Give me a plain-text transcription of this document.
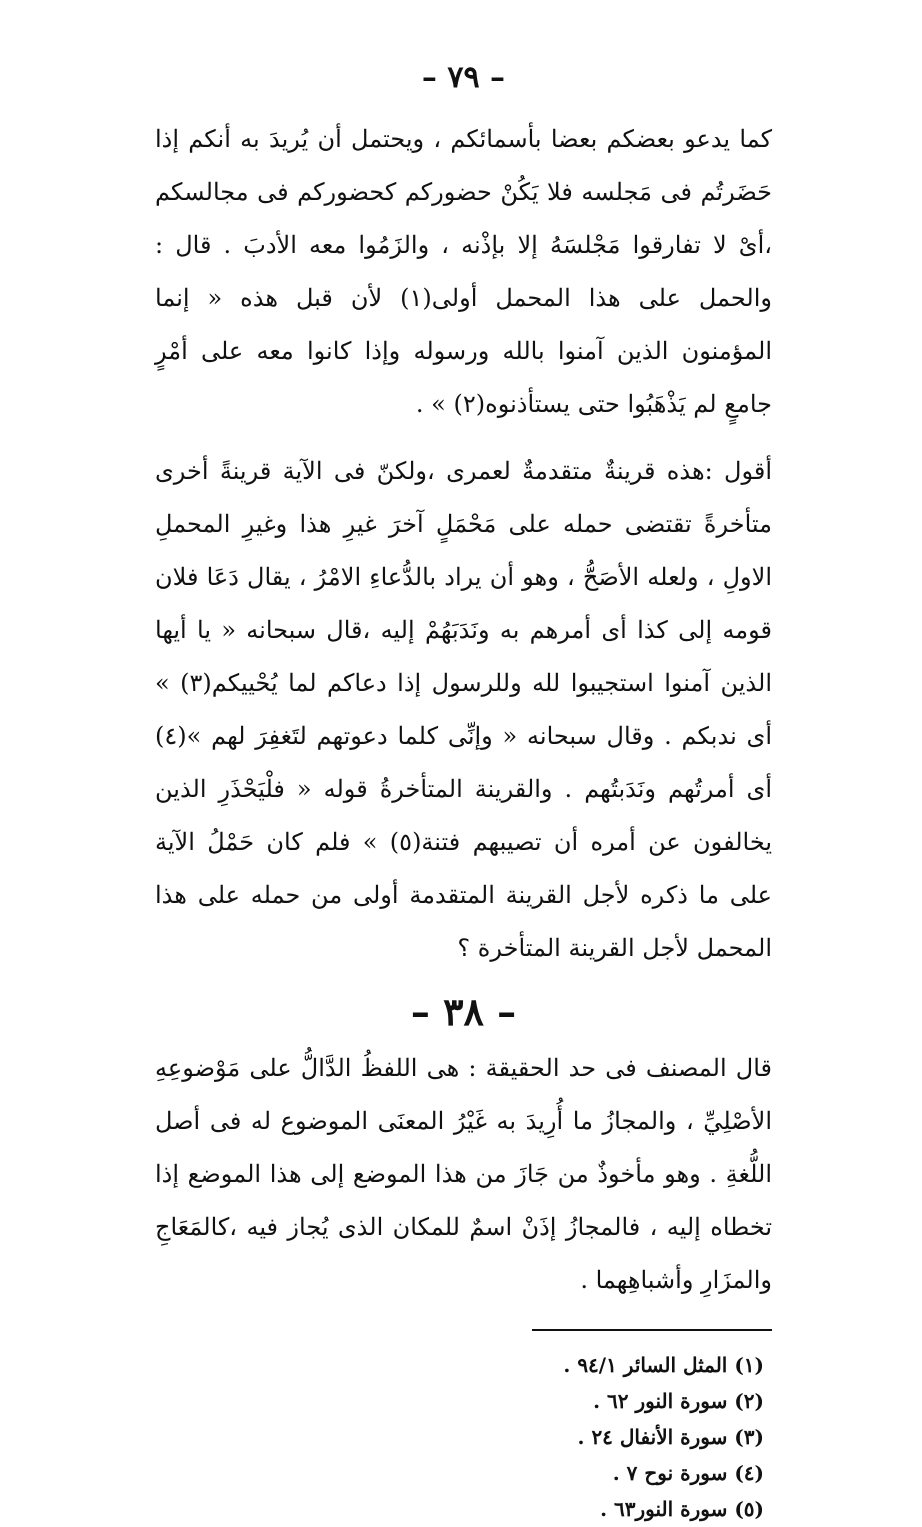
– ٧٩ –

كما يدعو بعضكم بعضا بأسمائكم ، ويحتمل أن يُريدَ به أنكم إذا حَضَرتُم فى مَجلسه فلا يَكُنْ حضوركم كحضوركم فى مجالسكم ،أىْ لا تفارقوا مَجْلسَهُ إلا بإذْنه ، والزَمُوا معه الأدبَ . قال : والحمل على هذا المحمل أولى(١) لأن قبل هذه « إنما المؤمنون الذين آمنوا بالله ورسوله وإذا كانوا معه على أمْرٍ جامعٍ لم يَذْهَبُوا حتى يستأذنوه(٢) » .

أقول :هذه قرينةٌ متقدمةٌ لعمرى ،ولكنّ فى الآية قرينةً أخرى متأخرةً تقتضى حمله على مَحْمَلٍ آخرَ غيرِ هذا وغيرِ المحملِ الاولِ ، ولعله الأصَحُّ ، وهو أن يراد بالدُّعاءِ الامْرُ ، يقال دَعَا فلان قومه إلى كذا أى أمرهم به ونَدَبَهُمْ إليه ،قال سبحانه « يا أيها الذين آمنوا استجيبوا لله وللرسول إذا دعاكم لما يُحْييكم(٣) » أى ندبكم . وقال سبحانه « وإنِّى كلما دعوتهم لتَغفِرَ لهم »(٤) أى أمرتُهم ونَدَبتُهم . والقرينة المتأخرةُ قوله « فلْيَحْذَرِ الذين يخالفون عن أمره أن تصيبهم فتنة(٥) » فلم كان حَمْلُ الآية على ما ذكره لأجل القرينة المتقدمة أولى من حمله على هذا المحمل لأجل القرينة المتأخرة ؟

– ٣٨ –

قال المصنف فى حد الحقيقة : هى اللفظُ الدَّالُّ على مَوْضوعِهِ الأصْلِيِّ ، والمجازُ ما أُرِيدَ به غَيْرُ المعنَى الموضوع له فى أصل اللُّغةِ . وهو مأخوذٌ من جَازَ من هذا الموضع إلى هذا الموضع إذا تخطاه إليه ، فالمجازُ إذَنْ اسمٌ للمكان الذى يُجاز فيه ،كالمَعَاجِ والمزَارِ وأشباهِهما .

(١) المثل السائر ٩٤/١ .
(٢) سورة النور ٦٢ .
(٣) سورة الأنفال ٢٤ .
(٤) سورة نوح ٧ .
(٥) سورة النور٦٣ .
